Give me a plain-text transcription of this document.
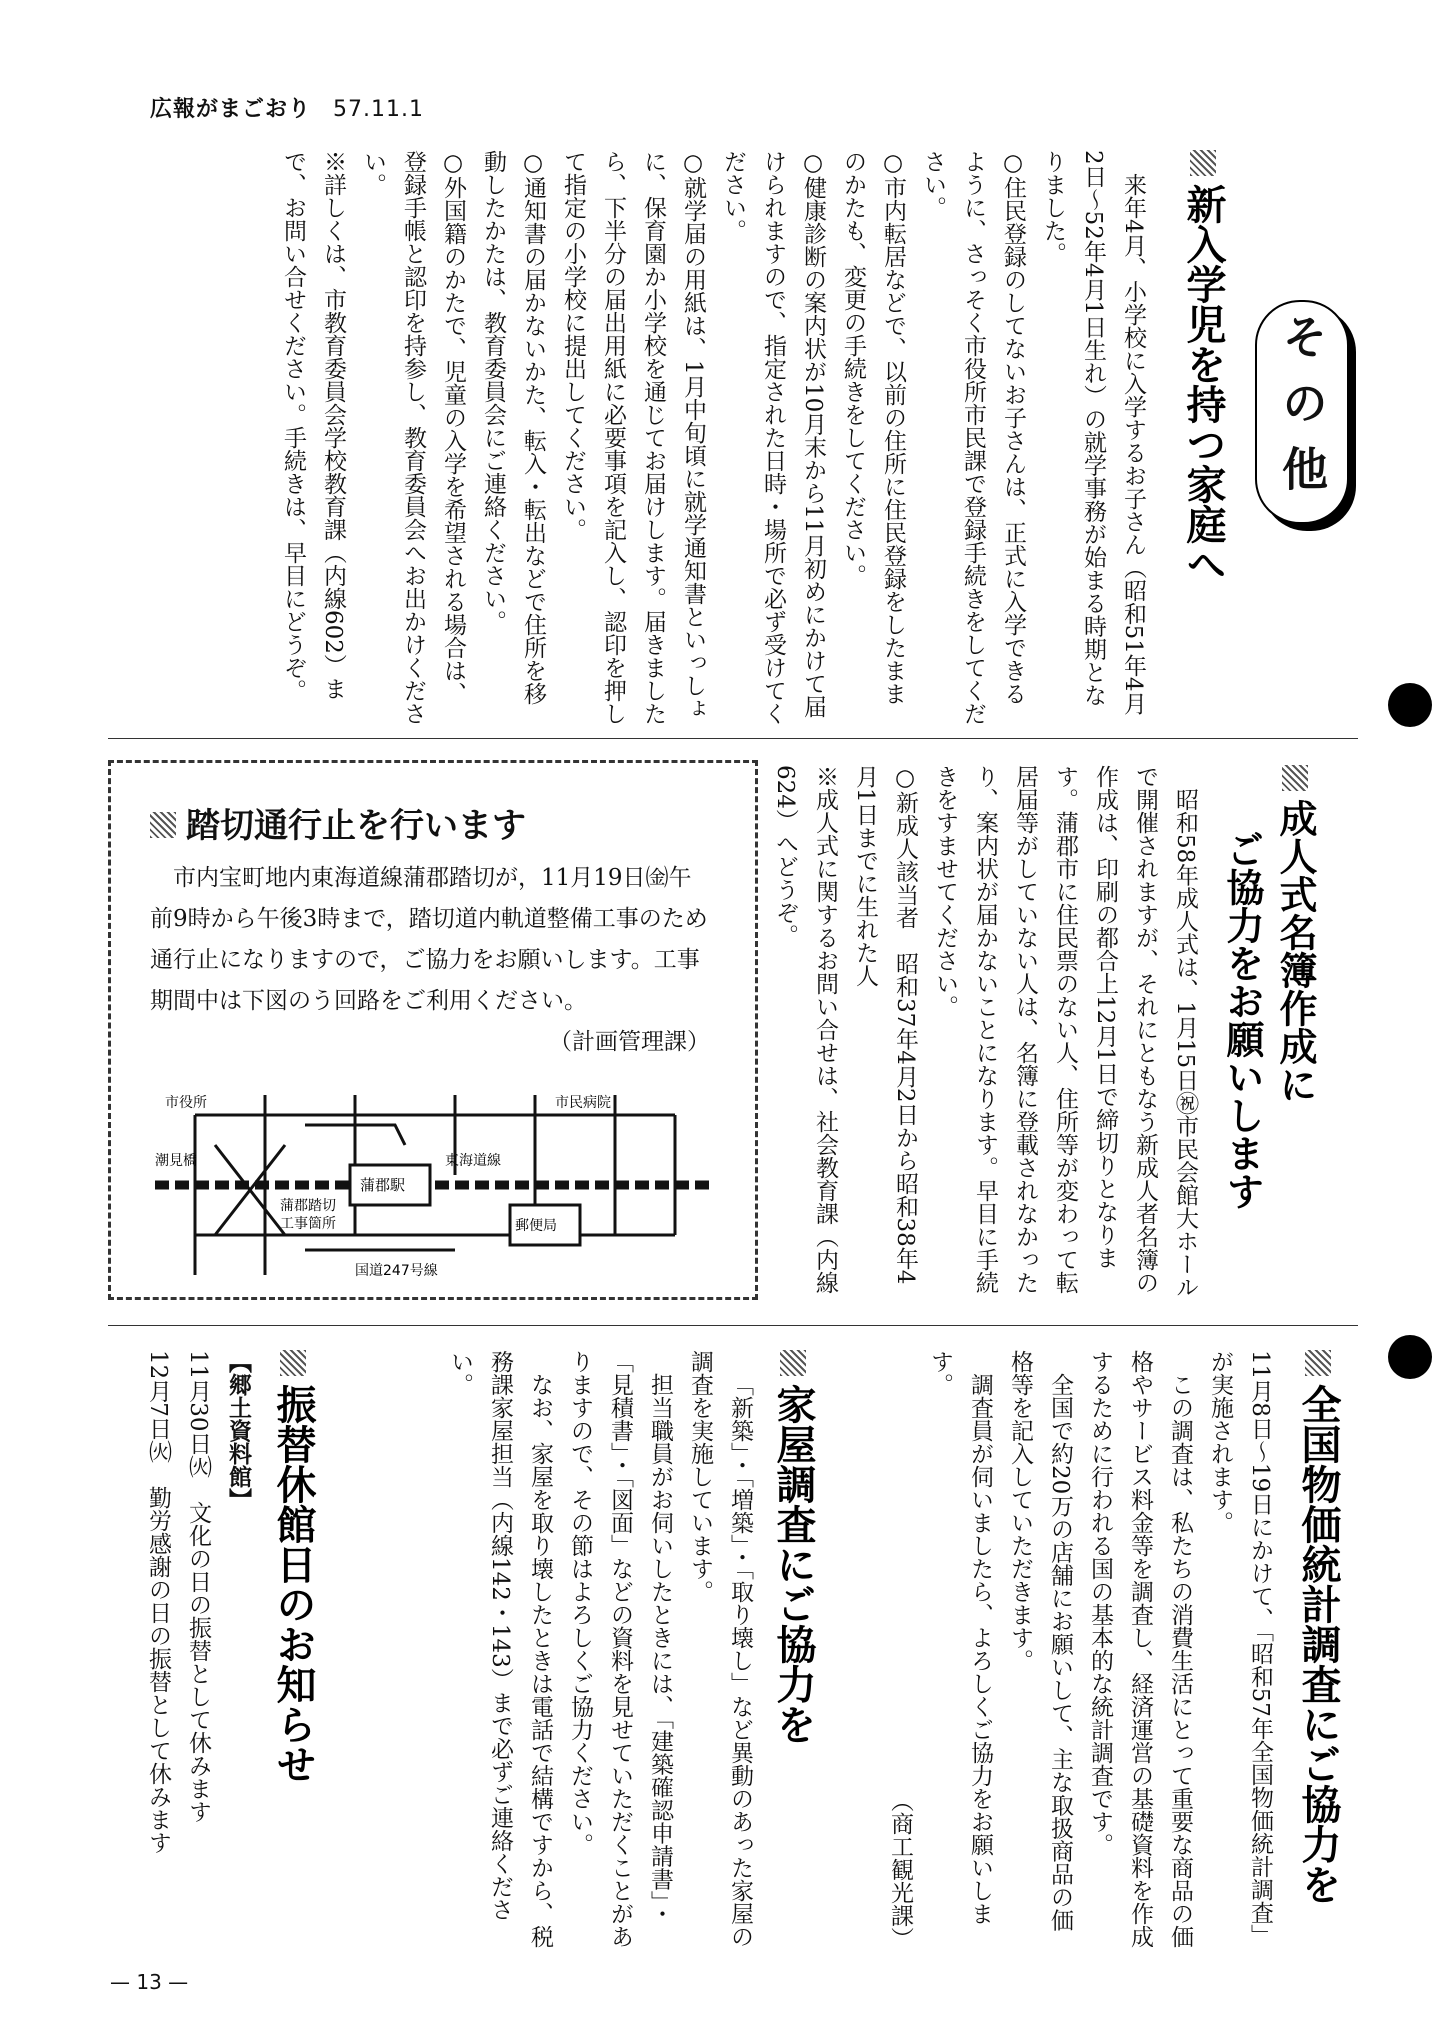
広報がまごおり 57.11.1
その他
新入学児を持つ家庭へ

来年4月、小学校に入学するお子さん（昭和51年4月2日〜52年4月1日生れ）の就学事務が始まる時期となりました。

○住民登録のしてないお子さんは、正式に入学できるように、さっそく市役所市民課で登録手続きをしてください。

○市内転居などで、以前の住所に住民登録をしたままのかたも、変更の手続きをしてください。

○健康診断の案内状が10月末から11月初めにかけて届けられますので、指定された日時・場所で必ず受けてください。

○就学届の用紙は、1月中旬頃に就学通知書といっしょに、保育園か小学校を通じてお届けします。届きましたら、下半分の届出用紙に必要事項を記入し、認印を押して指定の小学校に提出してください。

○通知書の届かないかた、転入・転出などで住所を移動したかたは、教育委員会にご連絡ください。

○外国籍のかたで、児童の入学を希望される場合は、登録手帳と認印を持参し、教育委員会へお出かけください。

※詳しくは、市教育委員会学校教育課（内線602）まで、お問い合せください。手続きは、早目にどうぞ。

成人式名簿作成に
ご協力をお願いします

昭和58年成人式は、1月15日㊗市民会館大ホールで開催されますが、それにともなう新成人者名簿の作成は、印刷の都合上12月1日で締切りとなります。蒲郡市に住民票のない人、住所等が変わって転居届等がしていない人は、名簿に登載されなかったり、案内状が届かないことになります。早目に手続きをすませてください。

○新成人該当者　昭和37年4月2日から昭和38年4月1日までに生れた人

※成人式に関するお問い合せは、社会教育課（内線624）へどうぞ。

踏切通行止を行います

市内宝町地内東海道線蒲郡踏切が，11月19日㈮午前9時から午後3時まで，踏切道内軌道整備工事のため通行止になりますので，ご協力をお願いします。工事期間中は下図のう回路をご利用ください。

（計画管理課）

市役所	市民病院
潮見橋	東海道線
蒲郡駅
蒲郡踏切
工事箇所	郵便局
国道247号線
全国物価統計調査にご協力を

11月8日〜19日にかけて、「昭和57年全国物価統計調査」が実施されます。

この調査は、私たちの消費生活にとって重要な商品の価格やサービス料金等を調査し、経済運営の基礎資料を作成するために行われる国の基本的な統計調査です。

全国で約20万の店舗にお願いして、主な取扱商品の価格等を記入していただきます。

調査員が伺いましたら、よろしくご協力をお願いします。

（商工観光課）

家屋調査にご協力を

「新築」・「増築」・「取り壊し」など異動のあった家屋の調査を実施しています。

担当職員がお伺いしたときには、「建築確認申請書」・「見積書」・「図面」などの資料を見せていただくことがありますので、その節はよろしくご協力ください。

なお、家屋を取り壊したときは電話で結構ですから、税務課家屋担当（内線142・143）まで必ずご連絡ください。

振替休館日のお知らせ

【郷土資料館】

11月30日㈫　文化の日の振替として休みます

12月7日㈫　勤労感謝の日の振替として休みます

— 13 —
